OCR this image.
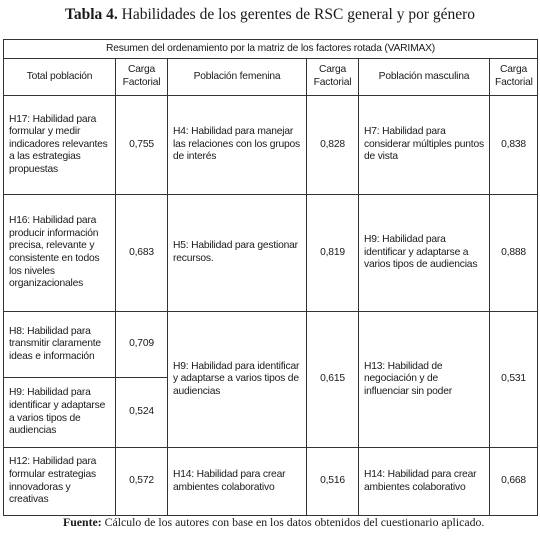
Tabla 4. Habilidades de los gerentes de RSC general y por género
Resumen del ordenamiento por la matriz de los factores rotada (VARIMAX)					
Total población	Carga Factorial	Población femenina	Carga Factorial	Población masculina	Carga Factorial
H17: Habilidad para formular y medir indicadores relevantes a las estrategias propuestas	0,755	H4: Habilidad para manejar las relaciones con los grupos de interés	0,828	H7: Habilidad para considerar múltiples puntos de vista	0,838
H16: Habilidad para producir información precisa, relevante y consistente en todos los niveles organizacionales	0,683	H5: Habilidad para gestionar recursos.	0,819	H9: Habilidad para identificar y adaptarse a varios tipos de audiencias	0,888
H8: Habilidad para transmitir claramente ideas e información	0,709	H9: Habilidad para identificar y adaptarse a varios tipos de audiencias	0,615	H13: Habilidad de negociación y de influenciar sin poder	0,531
H9: Habilidad para identificar y adaptarse a varios tipos de audiencias	0,524				
H12: Habilidad para formular estrategias innovadoras y creativas	0,572	H14: Habilidad para crear ambientes colaborativo	0,516	H14: Habilidad para crear ambientes colaborativo	0,668
Fuente: Cálculo de los autores con base en los datos obtenidos del cuestionario aplicado.
